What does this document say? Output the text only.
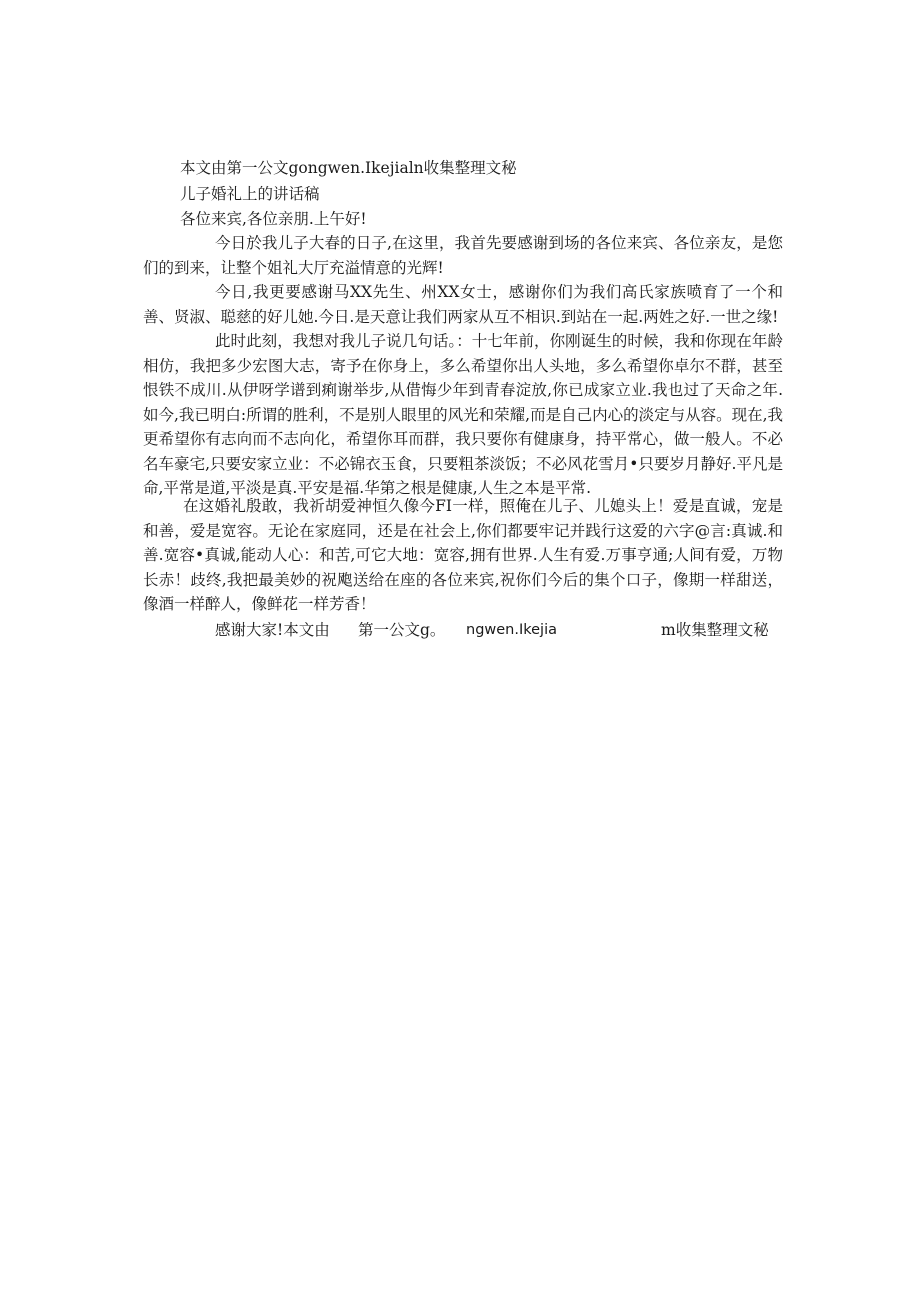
本文由第一公文gongwen.Ikejialn收集整理文秘
儿子婚礼上的讲话稿
各位来宾,各位亲朋.上午好!

今日於我儿子大春的日子,在这里，我首先要感谢到场的各位来宾、各位亲友，是您们的到来，让整个姐礼大厅充溢情意的光辉!

今日,我更要感谢马XX先生、州XX女士，感谢你们为我们高氏家族喷育了一个和善、贤淑、聪慈的好儿她.今日.是天意让我们两家从互不相识.到站在一起.两姓之好.一世之缘!

此时此刻，我想对我儿子说几句话。：十七年前，你刚诞生的时候，我和你现在年龄相仿，我把多少宏图大志，寄予在你身上，多么希望你出人头地，多么希望你卓尔不群，甚至恨铁不成川.从伊呀学谱到痢谢举步,从借悔少年到青春淀放,你已成家立业.我也过了天命之年.如今,我已明白:所谓的胜利，不是别人眼里的风光和荣耀,而是自己内心的淡定与从容。现在,我更希望你有志向而不志向化，希望你耳而群，我只要你有健康身，持平常心，做一般人。不必名车豪宅,只要安家立业：不必锦衣玉食，只要粗茶淡饭；不必风花雪月•只要岁月静好.平凡是命,平常是道,平淡是真.平安是福.华第之根是健康,人生之本是平常.

在这婚礼殷敢，我祈胡爱神恒久像今FI一样，照俺在儿子、儿媳头上！爱是直诚，宠是和善，爱是宽容。无论在家庭同，还是在社会上,你们都要牢记并践行这爱的六字@言:真诚.和善.宽容•真诚,能动人心：和苦,可它大地：宽容,拥有世界.人生有爱.万事亨通;人间有爱，万物长赤！歧终,我把最美妙的祝飑送给在座的各位来宾,祝你们今后的集个口子，像期一样甜送，像酒一样醉人，像鲜花一样芳香！

感谢大家!本文由 第一公文g。 ngwen.Ikejia	m收集整理文秘
